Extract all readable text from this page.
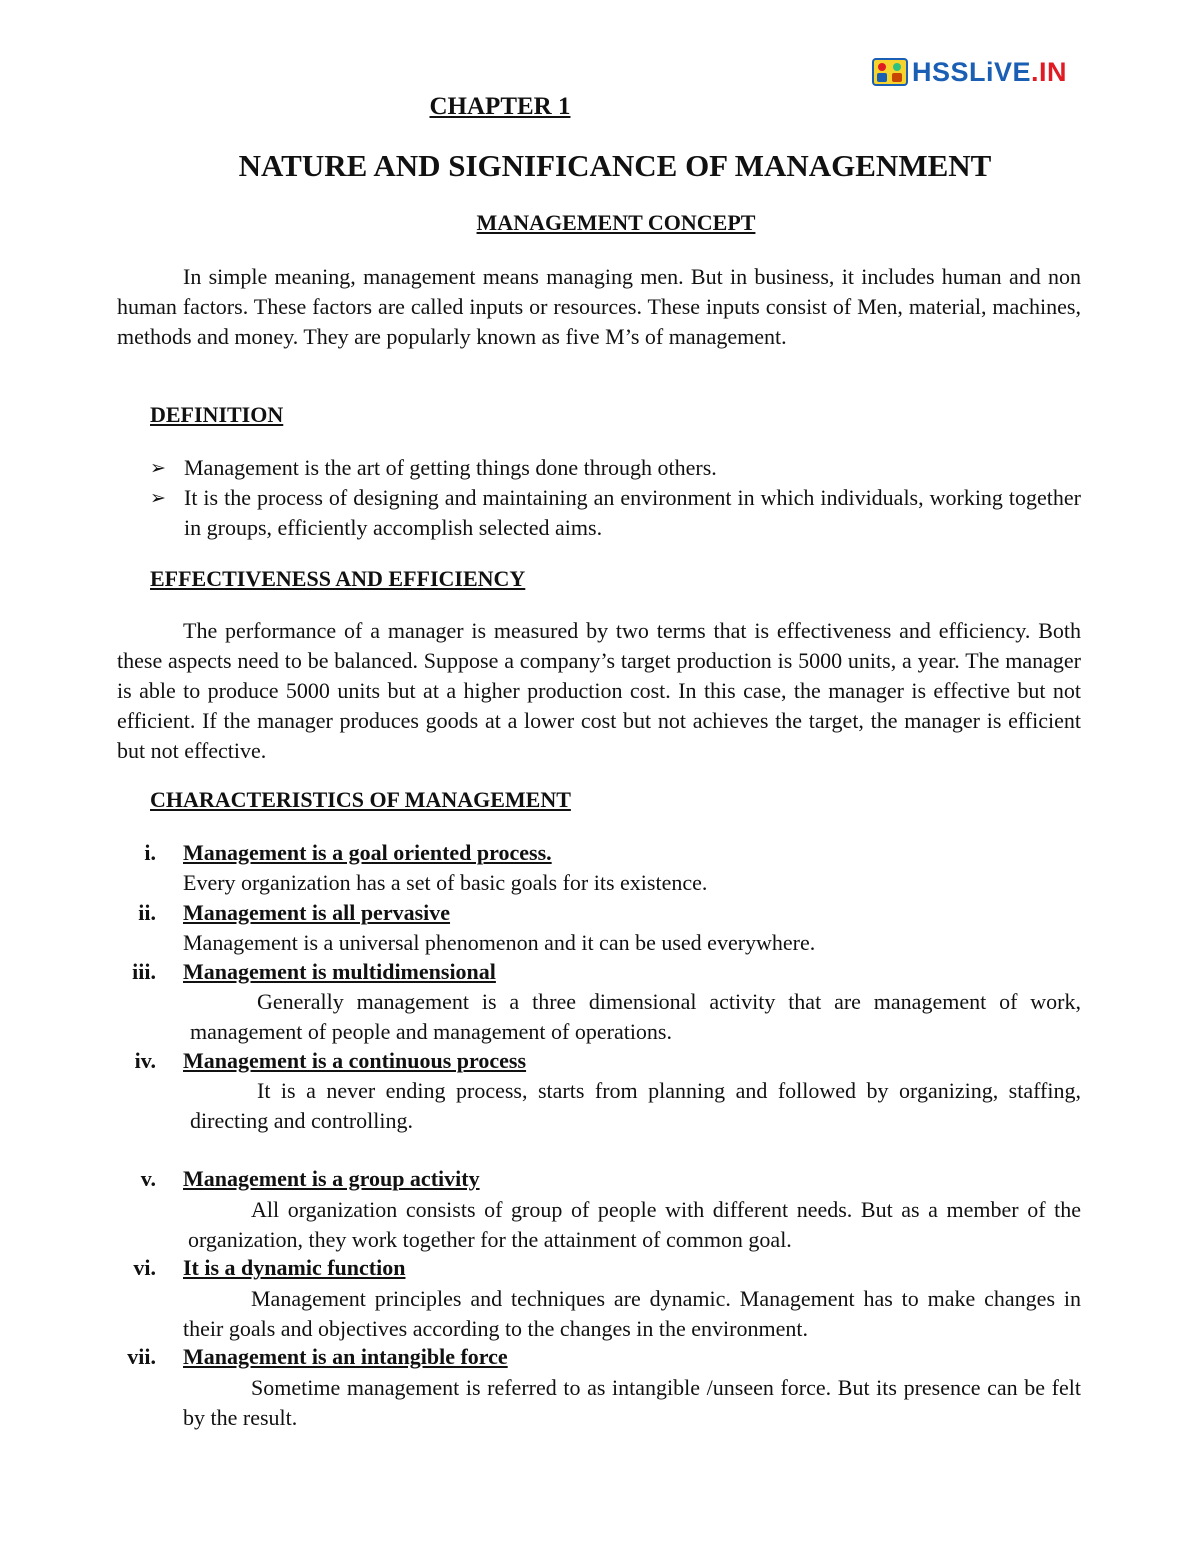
HSSLiVE.IN
CHAPTER 1
NATURE AND SIGNIFICANCE OF MANAGENMENT
MANAGEMENT CONCEPT
In simple meaning, management means managing men. But in business, it includes human and non human factors. These factors are called inputs or resources. These inputs consist of Men, material, machines, methods and money. They are popularly known as five M’s of management.
DEFINITION
➢ Management is the art of getting things done through others.
➢ It is the process of designing and maintaining an environment in which individuals, working together in groups, efficiently accomplish selected aims.
EFFECTIVENESS AND EFFICIENCY
The performance of a manager is measured by two terms that is effectiveness and efficiency. Both these aspects need to be balanced. Suppose a company’s target production is 5000 units, a year. The manager is able to produce 5000 units but at a higher production cost. In this case, the manager is effective but not efficient. If the manager produces goods at a lower cost but not achieves the target, the manager is efficient but not effective.
CHARACTERISTICS OF MANAGEMENT
i. Management is a goal oriented process.
Every organization has a set of basic goals for its existence.
ii. Management is all pervasive
Management is a universal phenomenon and it can be used everywhere.
iii. Management is multidimensional
Generally management is a three dimensional activity that are management of work, management of people and management of operations.
iv. Management is a continuous process
It is a never ending process, starts from planning and followed by organizing, staffing, directing and controlling.
v. Management is a group activity
All organization consists of group of people with different needs. But as a member of the organization, they work together for the attainment of common goal.
vi. It is a dynamic function
Management principles and techniques are dynamic. Management has to make changes in their goals and objectives according to the changes in the environment.
vii. Management is an intangible force
Sometime management is referred to as intangible /unseen force. But its presence can be felt by the result.
